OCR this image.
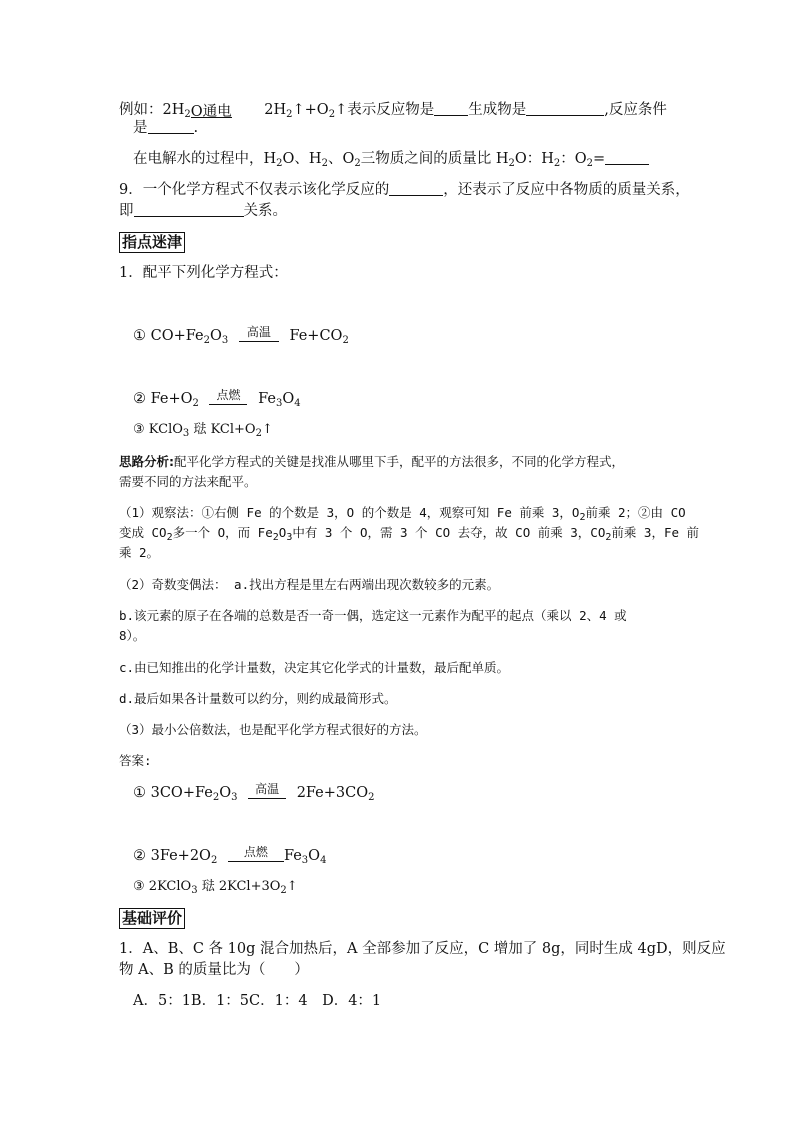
例如：$2H_2O$通电 $2H_2↑+O_2↑$表示反应物是 生成物是	,反应条件
是	.
在电解水的过程中，$H_2O$、$H_2$、$O_2$三物质之间的质量比 $H_2O$：$H_2$：$O_2=$
9．一个化学方程式不仅表示该化学反应的	，还表示了反应中各物质的质量关系，
即	关系。
指点迷津
1．配平下列化学方程式：
① $CO+Fe_2O_3$
高温	$Fe+CO_2$
② $Fe+O_2$
点燃	$Fe_3O_4$
③ KClO$_3$ 琺 $KCl+O_2↑$
思路分析:配平化学方程式的关键是找准从哪里下手，配平的方法很多，不同的化学方程式，
需要不同的方法来配平。
（1）观察法：①右侧 Fe 的个数是 3，O 的个数是 4，观察可知 Fe 前乘 3，$O_2$前乘 2；②由 CO
变成 $CO_2$多一个 O，而 $Fe_2O_3$中有 3 个 O，需 3 个 CO 去夺，故 CO 前乘 3，$CO_2$前乘 3，Fe 前
乘 2。
（2）奇数变偶法： a.找出方程是里左右两端出现次数较多的元素。
b.该元素的原子在各端的总数是否一奇一偶，选定这一元素作为配平的起点（乘以 2、4 或
8）。
c.由已知推出的化学计量数，决定其它化学式的计量数，最后配单质。
d.最后如果各计量数可以约分，则约成最简形式。
（3）最小公倍数法，也是配平化学方程式很好的方法。
答案:
① $3CO+Fe_2O_3$
高温	$2Fe+3CO_2$
② $3Fe+2O_2$
点燃	$Fe_3O_4$
③ 2KClO$_3$ 琺 $2KCl+3O_2↑$
基础评价
1．A、B、C 各 10g 混合加热后，A 全部参加了反应，C 增加了 8g，同时生成 4gD，则反应
物 A、B 的质量比为（　　）
A．5：1B．1：5C．1：4　D．4：1
